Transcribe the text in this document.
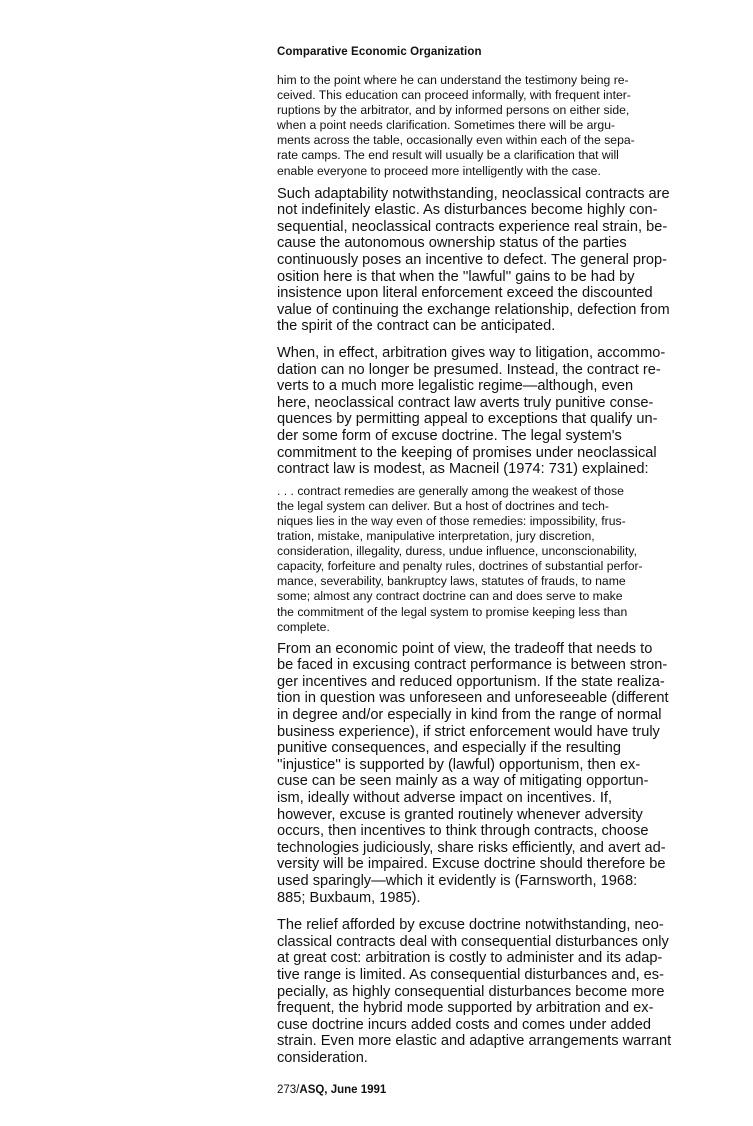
Comparative Economic Organization
him to the point where he can understand the testimony being re-
ceived. This education can proceed informally, with frequent inter-
ruptions by the arbitrator, and by informed persons on either side,
when a point needs clarification. Sometimes there will be argu-
ments across the table, occasionally even within each of the sepa-
rate camps. The end result will usually be a clarification that will
enable everyone to proceed more intelligently with the case.
Such adaptability notwithstanding, neoclassical contracts are
not indefinitely elastic. As disturbances become highly con-
sequential, neoclassical contracts experience real strain, be-
cause the autonomous ownership status of the parties
continuously poses an incentive to defect. The general prop-
osition here is that when the ''lawful'' gains to be had by
insistence upon literal enforcement exceed the discounted
value of continuing the exchange relationship, defection from
the spirit of the contract can be anticipated.
When, in effect, arbitration gives way to litigation, accommo-
dation can no longer be presumed. Instead, the contract re-
verts to a much more legalistic regime—although, even
here, neoclassical contract law averts truly punitive conse-
quences by permitting appeal to exceptions that qualify un-
der some form of excuse doctrine. The legal system's
commitment to the keeping of promises under neoclassical
contract law is modest, as Macneil (1974: 731) explained:
. . . contract remedies are generally among the weakest of those
the legal system can deliver. But a host of doctrines and tech-
niques lies in the way even of those remedies: impossibility, frus-
tration, mistake, manipulative interpretation, jury discretion,
consideration, illegality, duress, undue influence, unconscionability,
capacity, forfeiture and penalty rules, doctrines of substantial perfor-
mance, severability, bankruptcy laws, statutes of frauds, to name
some; almost any contract doctrine can and does serve to make
the commitment of the legal system to promise keeping less than
complete.
From an economic point of view, the tradeoff that needs to
be faced in excusing contract performance is between stron-
ger incentives and reduced opportunism. If the state realiza-
tion in question was unforeseen and unforeseeable (different
in degree and/or especially in kind from the range of normal
business experience), if strict enforcement would have truly
punitive consequences, and especially if the resulting
''injustice'' is supported by (lawful) opportunism, then ex-
cuse can be seen mainly as a way of mitigating opportun-
ism, ideally without adverse impact on incentives. If,
however, excuse is granted routinely whenever adversity
occurs, then incentives to think through contracts, choose
technologies judiciously, share risks efficiently, and avert ad-
versity will be impaired. Excuse doctrine should therefore be
used sparingly—which it evidently is (Farnsworth, 1968:
885; Buxbaum, 1985).
The relief afforded by excuse doctrine notwithstanding, neo-
classical contracts deal with consequential disturbances only
at great cost: arbitration is costly to administer and its adap-
tive range is limited. As consequential disturbances and, es-
pecially, as highly consequential disturbances become more
frequent, the hybrid mode supported by arbitration and ex-
cuse doctrine incurs added costs and comes under added
strain. Even more elastic and adaptive arrangements warrant
consideration.
273/ASQ, June 1991
